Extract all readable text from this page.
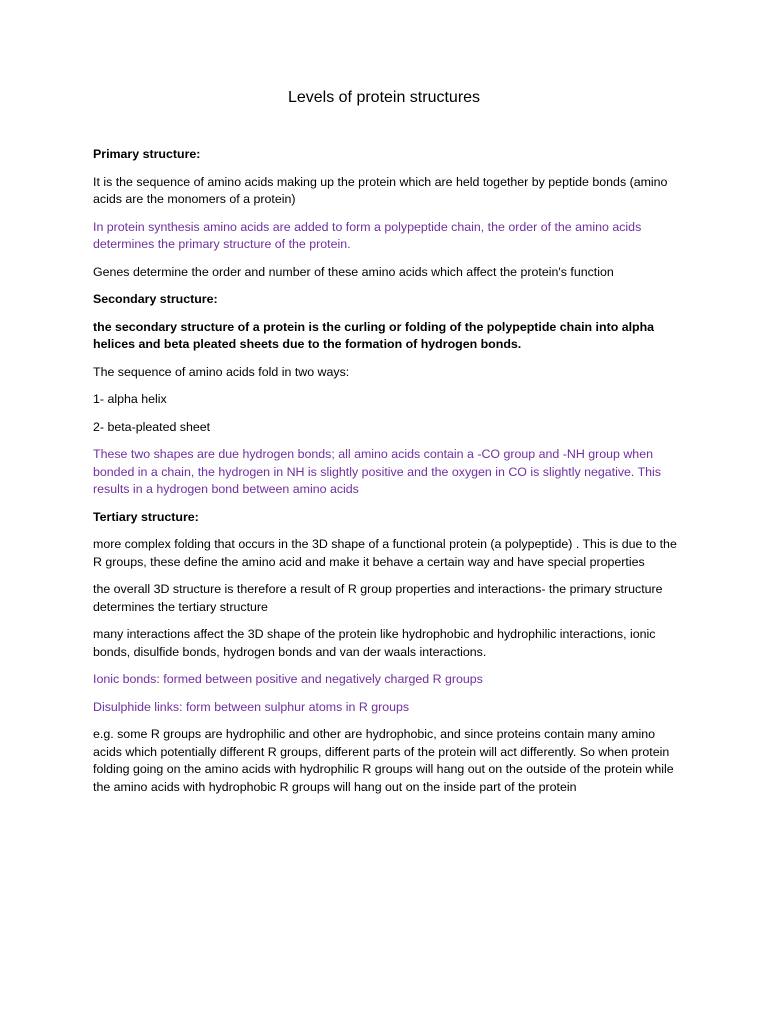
Levels of protein structures

Primary structure:

It is the sequence of amino acids making up the protein which are held together by peptide bonds (amino acids are the monomers of a protein)

In protein synthesis amino acids are added to form a polypeptide chain, the order of the amino acids determines the primary structure of the protein.

Genes determine the order and number of these amino acids which affect the protein's function

Secondary structure:

the secondary structure of a protein is the curling or folding of the polypeptide chain into alpha helices and beta pleated sheets due to the formation of hydrogen bonds.

The sequence of amino acids fold in two ways:

1- alpha helix

2- beta-pleated sheet

These two shapes are due hydrogen bonds; all amino acids contain a -CO group and -NH group when bonded in a chain, the hydrogen in NH is slightly positive and the oxygen in CO is slightly negative. This results in a hydrogen bond between amino acids

Tertiary structure:

more complex folding that occurs in the 3D shape of a functional protein (a polypeptide) . This is due to the R groups, these define the amino acid and make it behave a certain way and have special properties

the overall 3D structure is therefore a result of R group properties and interactions- the primary structure determines the tertiary structure

many interactions affect the 3D shape of the protein like hydrophobic and hydrophilic interactions, ionic bonds, disulfide bonds, hydrogen bonds and van der waals interactions.

Ionic bonds: formed between positive and negatively charged R groups

Disulphide links: form between sulphur atoms in R groups

e.g. some R groups are hydrophilic and other are hydrophobic, and since proteins contain many amino acids which potentially different R groups, different parts of the protein will act differently. So when protein folding going on the amino acids with hydrophilic R groups will hang out on the outside of the protein while the amino acids with hydrophobic R groups will hang out on the inside part of the protein
